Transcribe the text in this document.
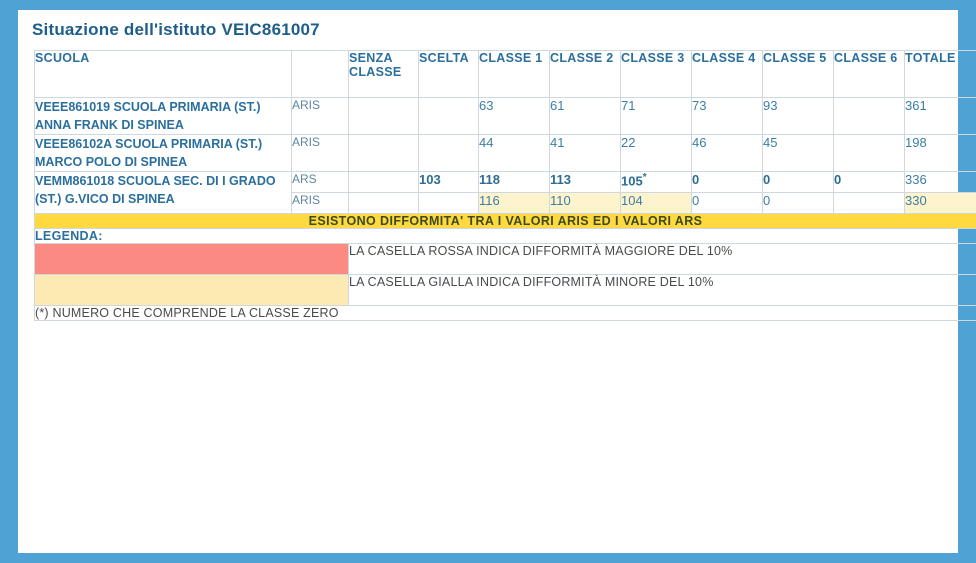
Situazione dell'istituto VEIC861007
SCUOLA		SENZA CLASSE	SCELTA	CLASSE 1	CLASSE 2	CLASSE 3	CLASSE 4	CLASSE 5	CLASSE 6	TOTALE
VEEE861019 SCUOLA PRIMARIA (ST.) ANNA FRANK DI SPINEA	ARIS			63	61	71	73	93		361
VEEE86102A SCUOLA PRIMARIA (ST.) MARCO POLO DI SPINEA	ARIS			44	41	22	46	45		198
VEMM861018 SCUOLA SEC. DI I GRADO (ST.) G.VICO DI SPINEA	ARS		103	118	113	105*	0	0	0	336
	ARIS			116	110	104	0	0		330
ESISTONO DIFFORMITA' TRA I VALORI ARIS ED I VALORI ARS										
LEGENDA:										
		LA CASELLA ROSSA INDICA DIFFORMITÀ MAGGIORE DEL 10%								
		LA CASELLA GIALLA INDICA DIFFORMITÀ MINORE DEL 10%								
(*) NUMERO CHE COMPRENDE LA CLASSE ZERO										
